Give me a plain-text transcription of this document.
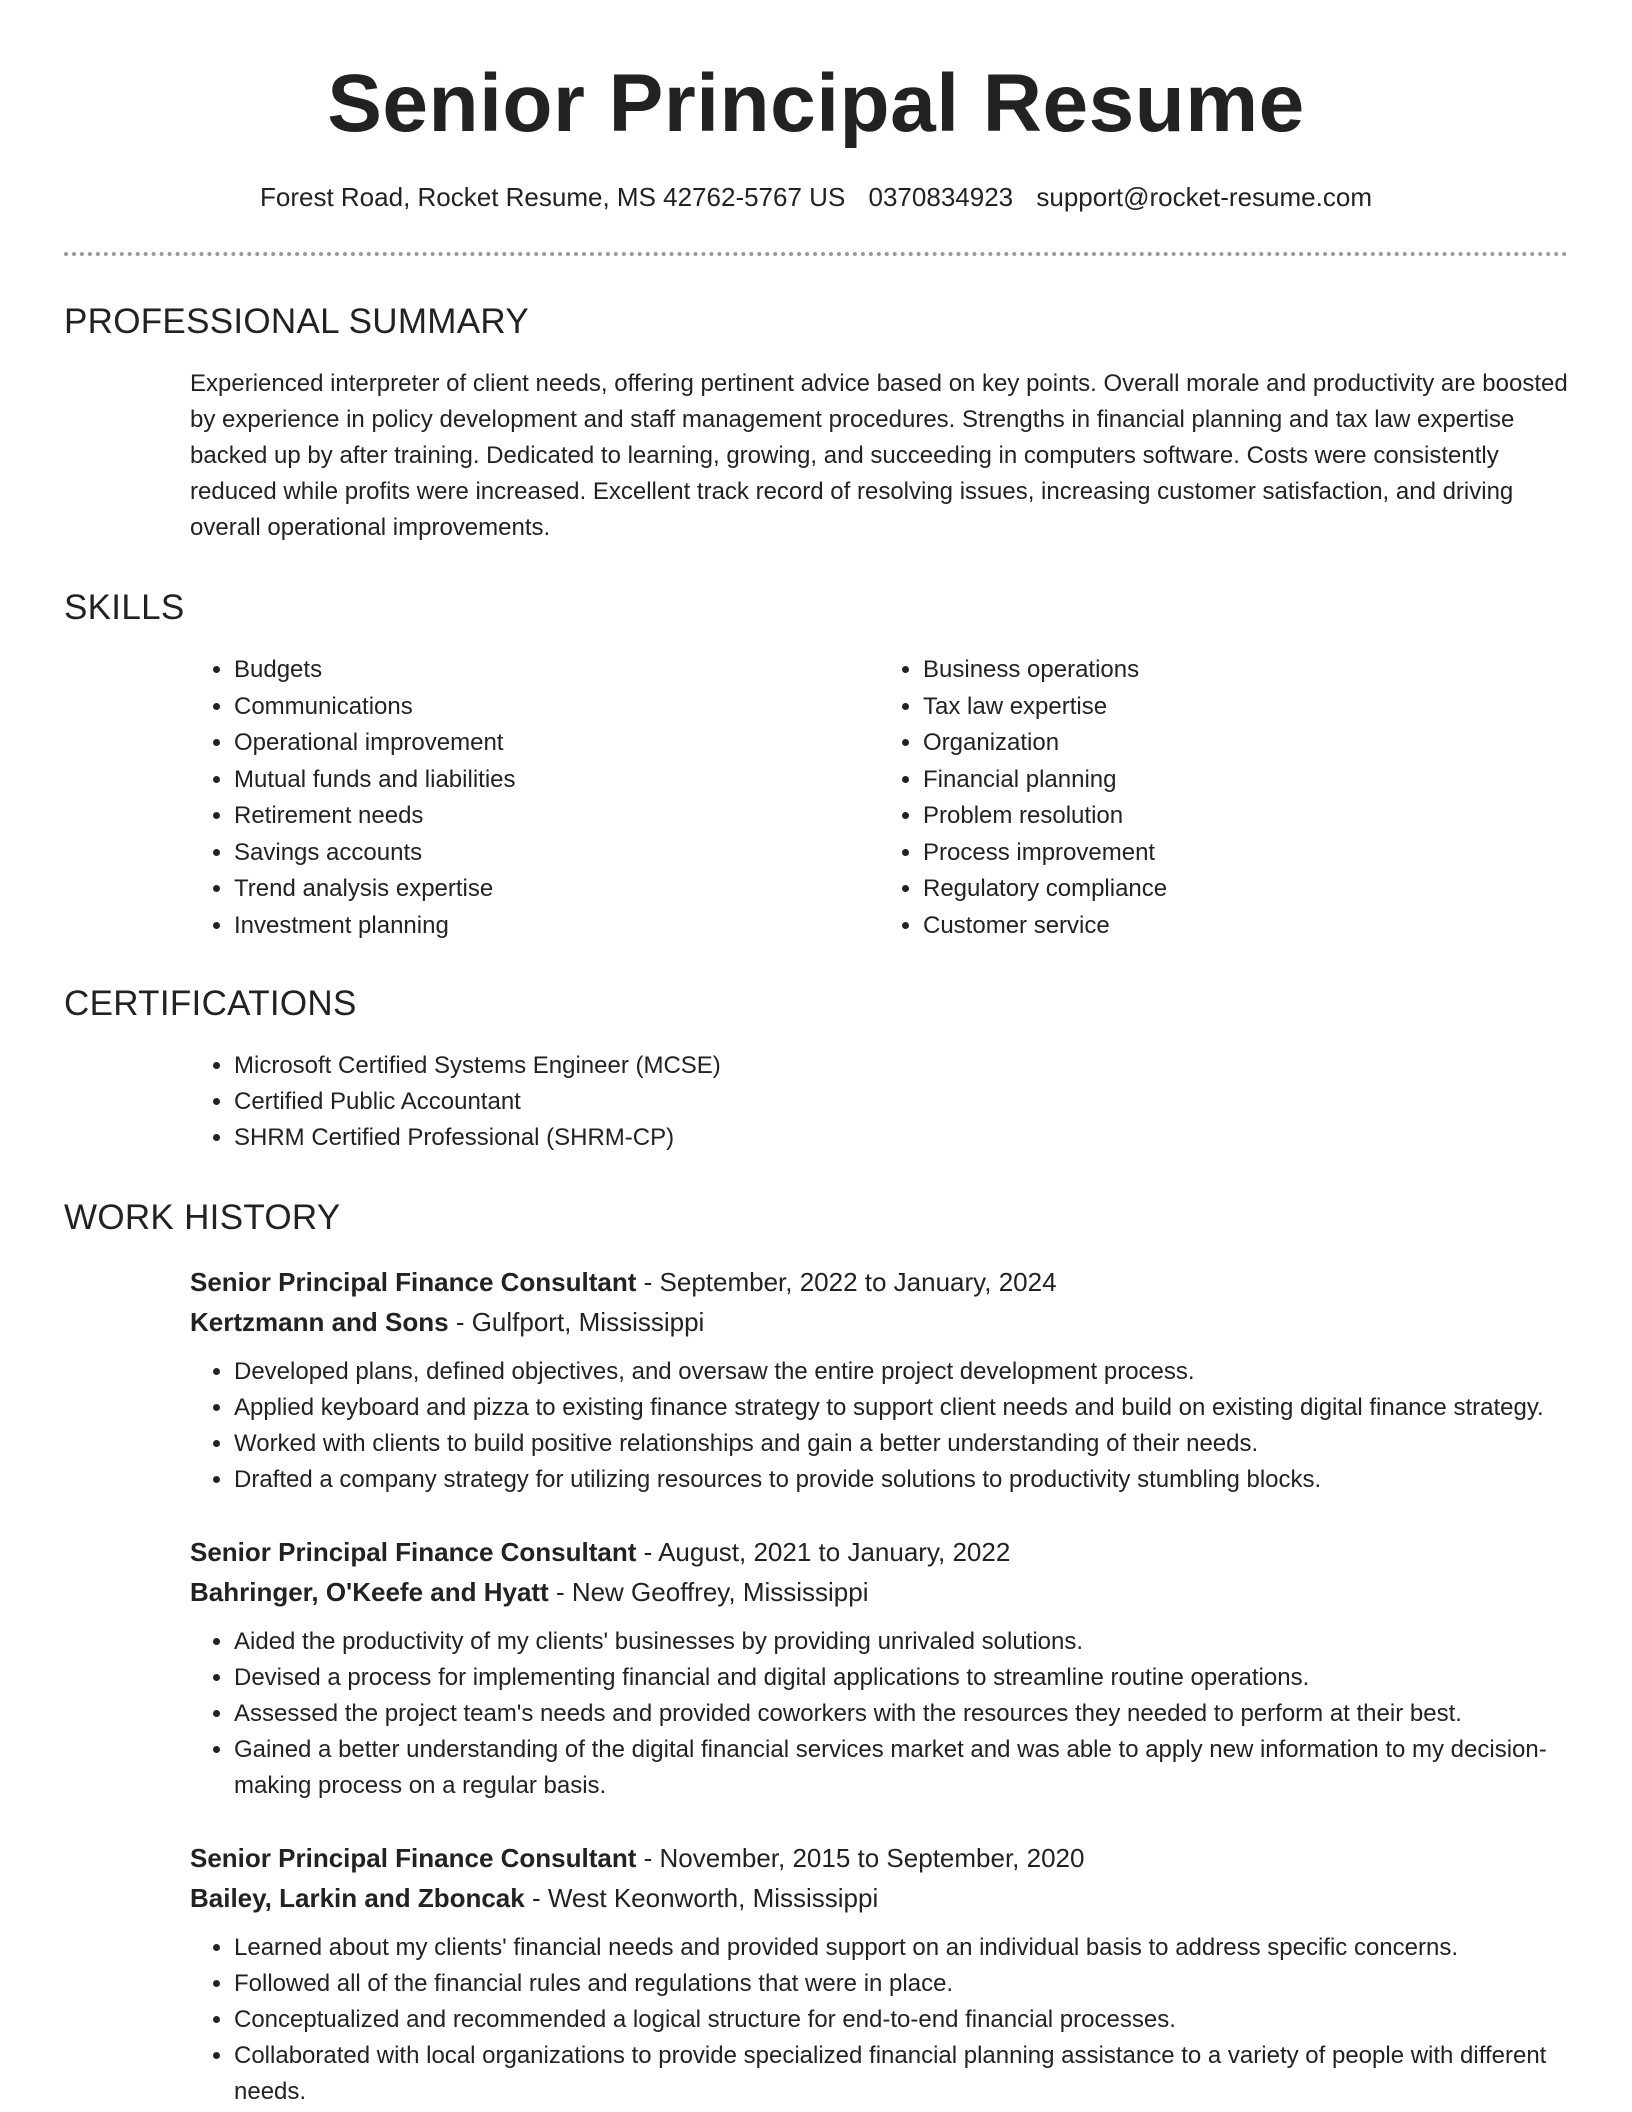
Senior Principal Resume
Forest Road, Rocket Resume, MS 42762-5767 US 0370834923 support@rocket-resume.com
PROFESSIONAL SUMMARY

Experienced interpreter of client needs, offering pertinent advice based on key points. Overall morale and productivity are boosted by experience in policy development and staff management procedures. Strengths in financial planning and tax law expertise backed up by after training. Dedicated to learning, growing, and succeeding in computers software. Costs were consistently reduced while profits were increased. Excellent track record of resolving issues, increasing customer satisfaction, and driving overall operational improvements.

SKILLS
• Budgets
• Communications
• Operational improvement
• Mutual funds and liabilities
• Retirement needs
• Savings accounts
• Trend analysis expertise
• Investment planning
• Business operations
• Tax law expertise
• Organization
• Financial planning
• Problem resolution
• Process improvement
• Regulatory compliance
• Customer service
CERTIFICATIONS
• Microsoft Certified Systems Engineer (MCSE)
• Certified Public Accountant
• SHRM Certified Professional (SHRM-CP)
WORK HISTORY
Senior Principal Finance Consultant - September, 2022 to January, 2024
Kertzmann and Sons - Gulfport, Mississippi
• Developed plans, defined objectives, and oversaw the entire project development process.
• Applied keyboard and pizza to existing finance strategy to support client needs and build on existing digital finance strategy.
• Worked with clients to build positive relationships and gain a better understanding of their needs.
• Drafted a company strategy for utilizing resources to provide solutions to productivity stumbling blocks.
Senior Principal Finance Consultant - August, 2021 to January, 2022
Bahringer, O'Keefe and Hyatt - New Geoffrey, Mississippi
• Aided the productivity of my clients' businesses by providing unrivaled solutions.
• Devised a process for implementing financial and digital applications to streamline routine operations.
• Assessed the project team's needs and provided coworkers with the resources they needed to perform at their best.
• Gained a better understanding of the digital financial services market and was able to apply new information to my decision-making process on a regular basis.
Senior Principal Finance Consultant - November, 2015 to September, 2020
Bailey, Larkin and Zboncak - West Keonworth, Mississippi
• Learned about my clients' financial needs and provided support on an individual basis to address specific concerns.
• Followed all of the financial rules and regulations that were in place.
• Conceptualized and recommended a logical structure for end-to-end financial processes.
• Collaborated with local organizations to provide specialized financial planning assistance to a variety of people with different needs.
